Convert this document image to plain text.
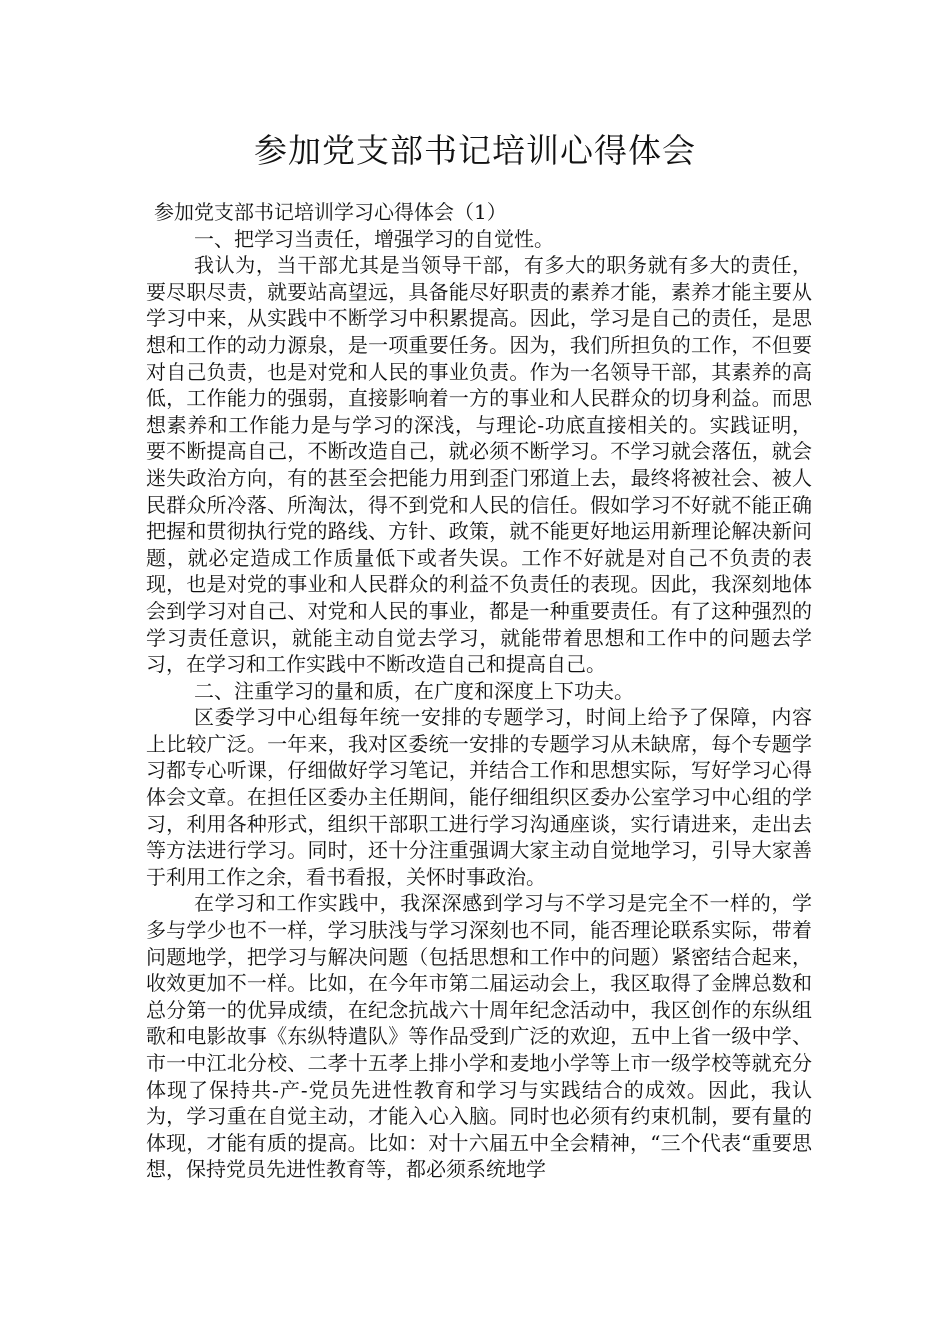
参加党支部书记培训心得体会

参加党支部书记培训学习心得体会（1）

一、把学习当责任，增强学习的自觉性。

我认为，当干部尤其是当领导干部，有多大的职务就有多大的责任，要尽职尽责，就要站高望远，具备能尽好职责的素养才能，素养才能主要从学习中来，从实践中不断学习中积累提高。因此，学习是自己的责任，是思想和工作的动力源泉，是一项重要任务。因为，我们所担负的工作，不但要对自己负责，也是对党和人民的事业负责。作为一名领导干部，其素养的高低，工作能力的强弱，直接影响着一方的事业和人民群众的切身利益。而思想素养和工作能力是与学习的深浅，与理论-功底直接相关的。实践证明，要不断提高自己，不断改造自己，就必须不断学习。不学习就会落伍，就会迷失政治方向，有的甚至会把能力用到歪门邪道上去，最终将被社会、被人民群众所冷落、所淘汰，得不到党和人民的信任。假如学习不好就不能正确把握和贯彻执行党的路线、方针、政策，就不能更好地运用新理论解决新问题，就必定造成工作质量低下或者失误。工作不好就是对自己不负责的表现，也是对党的事业和人民群众的利益不负责任的表现。因此，我深刻地体会到学习对自己、对党和人民的事业，都是一种重要责任。有了这种强烈的学习责任意识，就能主动自觉去学习，就能带着思想和工作中的问题去学习，在学习和工作实践中不断改造自己和提高自己。

二、注重学习的量和质，在广度和深度上下功夫。

区委学习中心组每年统一安排的专题学习，时间上给予了保障，内容上比较广泛。一年来，我对区委统一安排的专题学习从未缺席，每个专题学习都专心听课，仔细做好学习笔记，并结合工作和思想实际，写好学习心得体会文章。在担任区委办主任期间，能仔细组织区委办公室学习中心组的学习，利用各种形式，组织干部职工进行学习沟通座谈，实行请进来，走出去等方法进行学习。同时，还十分注重强调大家主动自觉地学习，引导大家善于利用工作之余，看书看报，关怀时事政治。

在学习和工作实践中，我深深感到学习与不学习是完全不一样的，学多与学少也不一样，学习肤浅与学习深刻也不同，能否理论联系实际，带着问题地学，把学习与解决问题（包括思想和工作中的问题）紧密结合起来，收效更加不一样。比如，在今年市第二届运动会上，我区取得了金牌总数和总分第一的优异成绩，在纪念抗战六十周年纪念活动中，我区创作的东纵组歌和电影故事《东纵特遣队》等作品受到广泛的欢迎，五中上省一级中学、市一中江北分校、二孝十五孝上排小学和麦地小学等上市一级学校等就充分体现了保持共-产-党员先进性教育和学习与实践结合的成效。因此，我认为，学习重在自觉主动，才能入心入脑。同时也必须有约束机制，要有量的体现，才能有质的提高。比如：对十六届五中全会精神，“三个代表“重要思想，保持党员先进性教育等，都必须系统地学
